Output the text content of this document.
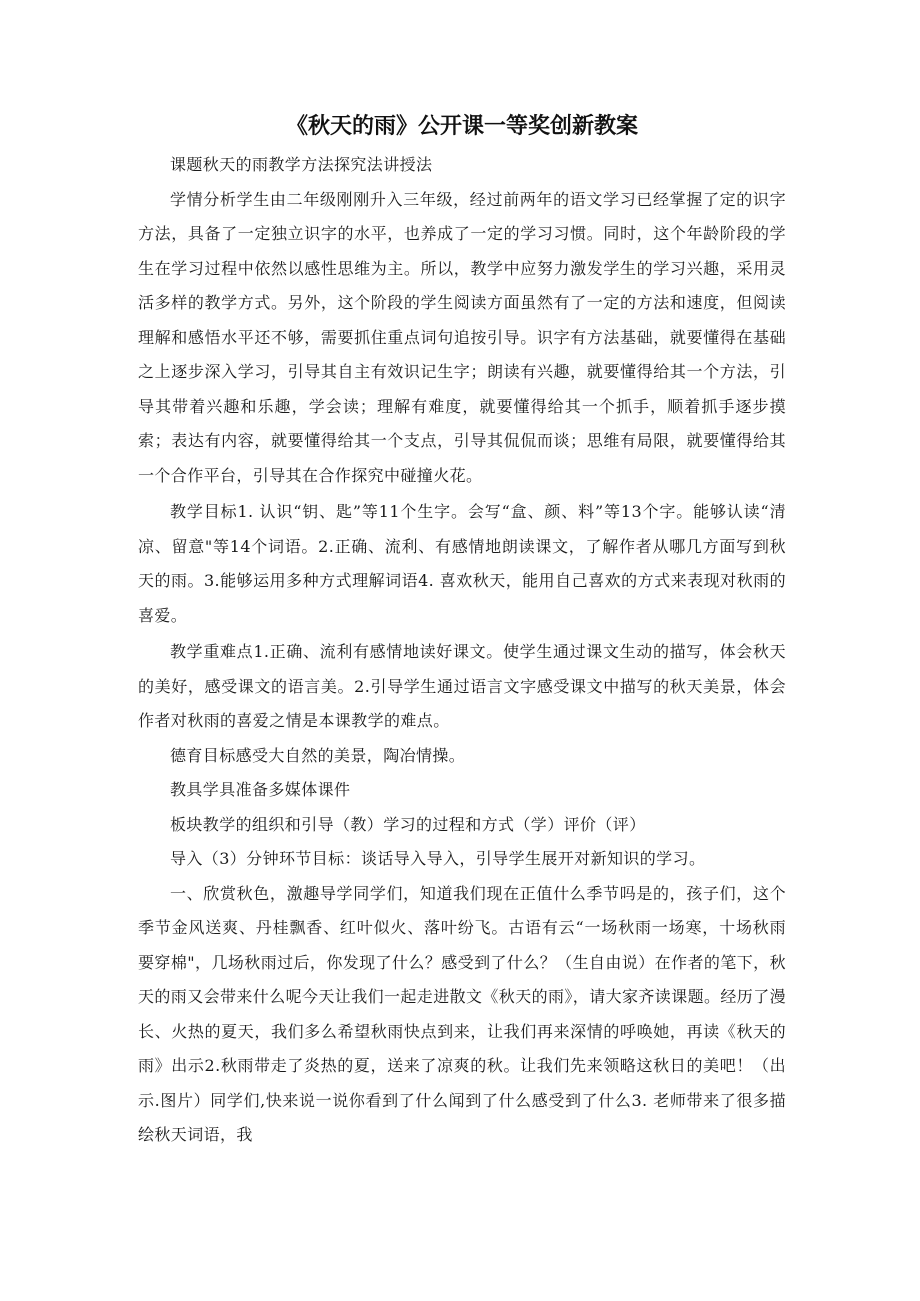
《秋天的雨》公开课一等奖创新教案

课题秋天的雨教学方法探究法讲授法

学情分析学生由二年级刚刚升入三年级，经过前两年的语文学习已经掌握了定的识字方法，具备了一定独立识字的水平，也养成了一定的学习习惯。同时，这个年龄阶段的学生在学习过程中依然以感性思维为主。所以，教学中应努力激发学生的学习兴趣，采用灵活多样的教学方式。另外，这个阶段的学生阅读方面虽然有了一定的方法和速度，但阅读理解和感悟水平还不够，需要抓住重点词句追按引导。识字有方法基础，就要懂得在基础之上逐步深入学习，引导其自主有效识记生字；朗读有兴趣，就要懂得给其一个方法，引导其带着兴趣和乐趣，学会读；理解有难度，就要懂得给其一个抓手，顺着抓手逐步摸索；表达有内容，就要懂得给其一个支点，引导其侃侃而谈；思维有局限，就要懂得给其一个合作平台，引导其在合作探究中碰撞火花。

教学目标1. 认识“钥、匙”等11个生字。会写“盒、颜、料”等13个字。能够认读“清凉、留意"等14个词语。2.正确、流利、有感情地朗读课文，了解作者从哪几方面写到秋天的雨。3.能够运用多种方式理解词语4. 喜欢秋天，能用自己喜欢的方式来表现对秋雨的喜爱。

教学重难点1.正确、流利有感情地读好课文。使学生通过课文生动的描写，体会秋天的美好，感受课文的语言美。2.引导学生通过语言文字感受课文中描写的秋天美景，体会作者对秋雨的喜爱之情是本课教学的难点。

德育目标感受大自然的美景，陶冶情操。

教具学具准备多媒体课件

板块教学的组织和引导（教）学习的过程和方式（学）评价（评）

导入（3）分钟环节目标：谈话导入导入，引导学生展开对新知识的学习。

一、欣赏秋色，激趣导学同学们，知道我们现在正值什么季节吗是的，孩子们，这个季节金风送爽、丹桂飘香、红叶似火、落叶纷飞。古语有云“一场秋雨一场寒，十场秋雨要穿棉"，几场秋雨过后，你发现了什么？感受到了什么？（生自由说）在作者的笔下，秋天的雨又会带来什么呢今天让我们一起走进散文《秋天的雨》，请大家齐读课题。经历了漫长、火热的夏天，我们多么希望秋雨快点到来，让我们再来深情的呼唤她，再读《秋天的雨》出示2.秋雨带走了炎热的夏，送来了凉爽的秋。让我们先来领略这秋日的美吧！（出示.图片）同学们,快来说一说你看到了什么闻到了什么感受到了什么3. 老师带来了很多描绘秋天词语，我
